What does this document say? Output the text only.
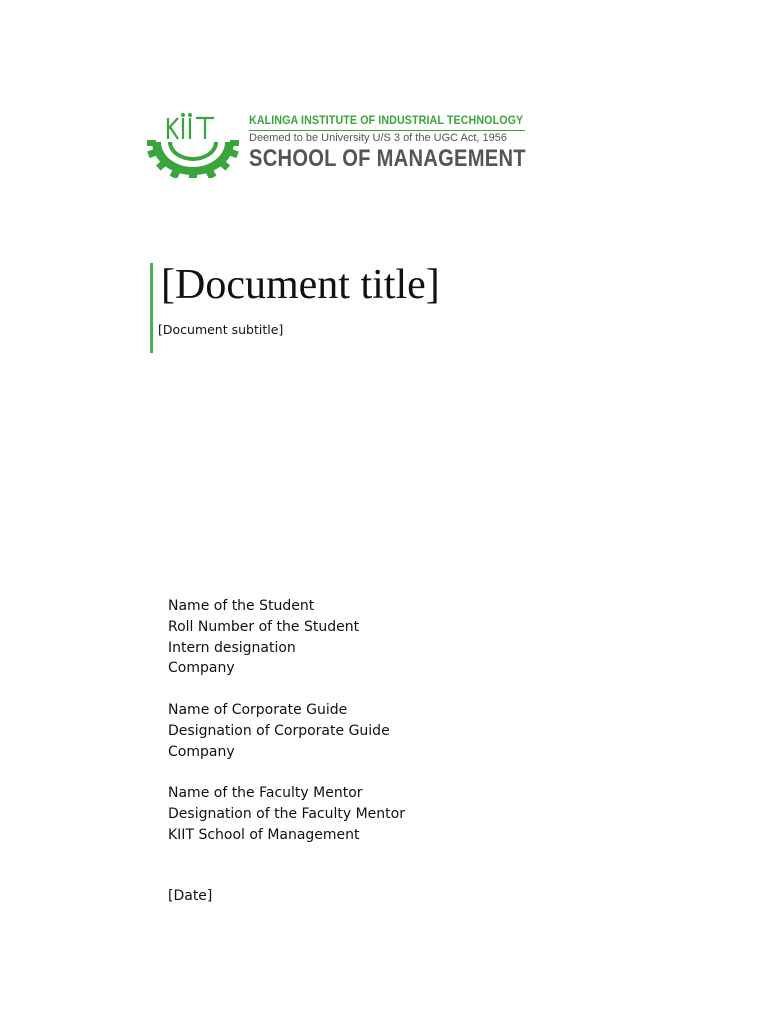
KALINGA INSTITUTE OF INDUSTRIAL TECHNOLOGY
Deemed to be University U/S 3 of the UGC Act, 1956
SCHOOL OF MANAGEMENT
[Document title]
[Document subtitle]
Name of the Student
Roll Number of the Student
Intern designation
Company
Name of Corporate Guide
Designation of Corporate Guide
Company
Name of the Faculty Mentor
Designation of the Faculty Mentor
KIIT School of Management
[Date]
